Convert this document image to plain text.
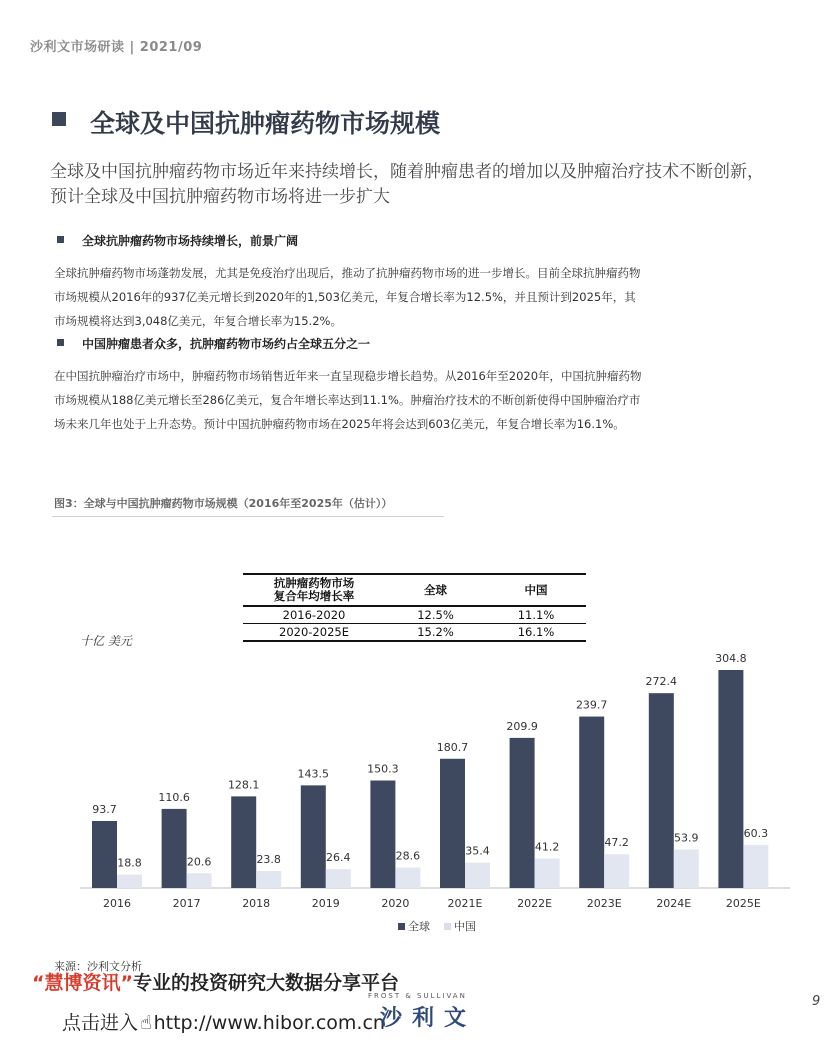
沙利文市场研读 | 2021/09
全球及中国抗肿瘤药物市场规模
全球及中国抗肿瘤药物市场近年来持续增长，随着肿瘤患者的增加以及肿瘤治疗技术不断创新，预计全球及中国抗肿瘤药物市场将进一步扩大
全球抗肿瘤药物市场持续增长，前景广阔
全球抗肿瘤药物市场蓬勃发展，尤其是免疫治疗出现后，推动了抗肿瘤药物市场的进一步增长。目前全球抗肿瘤药物市场规模从2016年的937亿美元增长到2020年的1,503亿美元，年复合增长率为12.5%，并且预计到2025年，其市场规模将达到3,048亿美元，年复合增长率为15.2%。
中国肿瘤患者众多，抗肿瘤药物市场约占全球五分之一
在中国抗肿瘤治疗市场中，肿瘤药物市场销售近年来一直呈现稳步增长趋势。从2016年至2020年，中国抗肿瘤药物市场规模从188亿美元增长至286亿美元，复合年增长率达到11.1%。肿瘤治疗技术的不断创新使得中国肿瘤治疗市场未来几年也处于上升态势。预计中国抗肿瘤药物市场在2025年将会达到603亿美元，年复合增长率为16.1%。
图3：全球与中国抗肿瘤药物市场规模（2016年至2025年（估计））
抗肿瘤药物市场
复合年均增长率	全球	中国
2016-2020	12.5%	11.1%
2020-2025E	15.2%	16.1%
十亿 美元
93.7
18.8
2016
110.6
20.6
2017
128.1
23.8
2018
143.5
26.4
2019
150.3
28.6
2020
180.7
35.4
2021E
209.9
41.2
2022E
239.7
47.2
2023E
272.4
53.9
2024E
304.8
60.3
2025E
全球 中国
来源：沙利文分析
“慧博资讯”专业的投资研究大数据分享平台
点击进入 ☝ http://www.hibor.com.cn
FROST & SULLIVAN
沙利文
9
